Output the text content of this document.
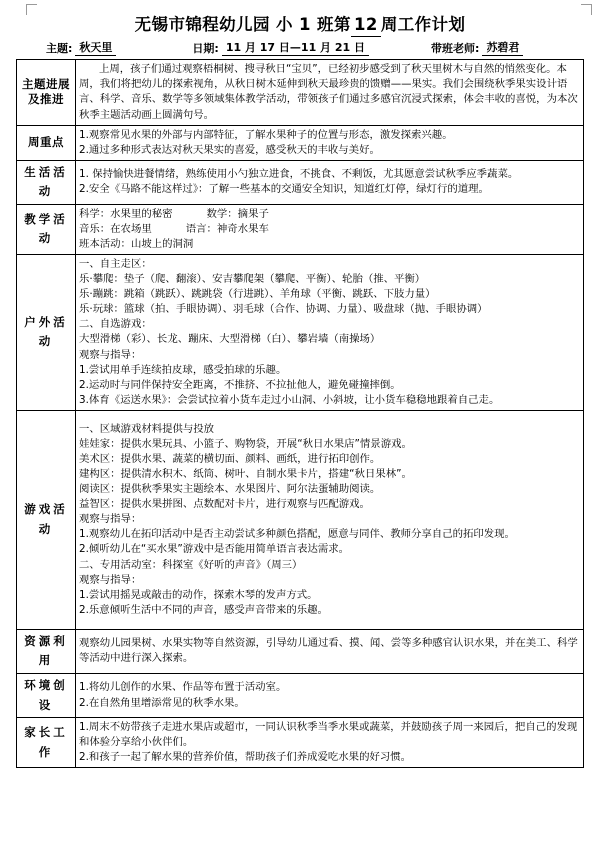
无锡市锦程幼儿园 小 1 班第 12 周工作计划
主题: 秋天里	日期: 11 月 17 日—11 月 21 日	带班老师: 苏碧君
主题进展及推进	上周，孩子们通过观察梧桐树、搜寻秋日“宝贝”，已经初步感受到了秋天里树木与自然的悄然变化。本周，我们将把幼儿的探索视角，从秋日树木延伸到秋天最珍贵的馈赠——果实。我们会围绕秋季果实设计语言、科学、音乐、数学等多领域集体教学活动，带领孩子们通过多感官沉浸式探索，体会丰收的喜悦，为本次秋季主题活动画上圆满句号。

周重点	1.观察常见水果的外部与内部特征，了解水果种子的位置与形态，激发探索兴趣。
2.通过多种形式表达对秋天果实的喜爱，感受秋天的丰收与美好。

生活活动	1. 保持愉快进餐情绪，熟练使用小勺独立进食，不挑食、不剩饭，尤其愿意尝试秋季应季蔬菜。
2.安全《马路不能这样过》：了解一些基本的交通安全知识，知道红灯停，绿灯行的道理。

教学活动	科学：水果里的秘密 数学：摘果子
音乐：在农场里 语言：神奇水果车
班本活动：山坡上的洞洞

户外活动	
一、自主走区：
乐·攀爬：垫子（爬、翻滚）、安吉攀爬架（攀爬、平衡）、轮胎（推、平衡）
乐·蹦跳：跳箱（跳跃）、跳跳袋（行进跳）、羊角球（平衡、跳跃、下肢力量）
乐·玩球：篮球（拍、手眼协调）、羽毛球（合作、协调、力量）、吸盘球（抛、手眼协调）
二、自选游戏：
大型滑梯（彩）、长龙、蹦床、大型滑梯（白）、攀岩墙（南操场）
观察与指导：
1.尝试用单手连续拍皮球，感受拍球的乐趣。
2.运动时与同伴保持安全距离，不推挤、不拉扯他人，避免碰撞摔倒。
3.体育《运送水果》：会尝试拉着小货车走过小山洞、小斜坡，让小货车稳稳地跟着自己走。

游戏活动	
一、区域游戏材料提供与投放
娃娃家：提供水果玩具、小篮子、购物袋，开展“秋日水果店”情景游戏。
美术区：提供水果、蔬菜的横切面、颜料、画纸，进行拓印创作。
建构区：提供清水积木、纸筒、树叶、自制水果卡片，搭建“秋日果林”。
阅读区：提供秋季果实主题绘本、水果图片、阿尔法蛋辅助阅读。
益智区：提供水果拼图、点数配对卡片，进行观察与匹配游戏。
观察与指导：
1.观察幼儿在拓印活动中是否主动尝试多种颜色搭配，愿意与同伴、教师分享自己的拓印发现。
2.倾听幼儿在“买水果”游戏中是否能用简单语言表达需求。
二、专用活动室：科探室《好听的声音》（周三）
观察与指导：
1.尝试用摇晃或敲击的动作，探索木琴的发声方式。
2.乐意倾听生活中不同的声音，感受声音带来的乐趣。

资源利用	观察幼儿园果树、水果实物等自然资源，引导幼儿通过看、摸、闻、尝等多种感官认识水果，并在美工、科学等活动中进行深入探索。

环境创设	1.将幼儿创作的水果、作品等布置于活动室。
2.在自然角里增添常见的秋季水果。

家长工作	1.周末不妨带孩子走进水果店或超市，一同认识秋季当季水果或蔬菜，并鼓励孩子周一来园后，把自己的发现和体验分享给小伙伴们。
2.和孩子一起了解水果的营养价值，帮助孩子们养成爱吃水果的好习惯。
